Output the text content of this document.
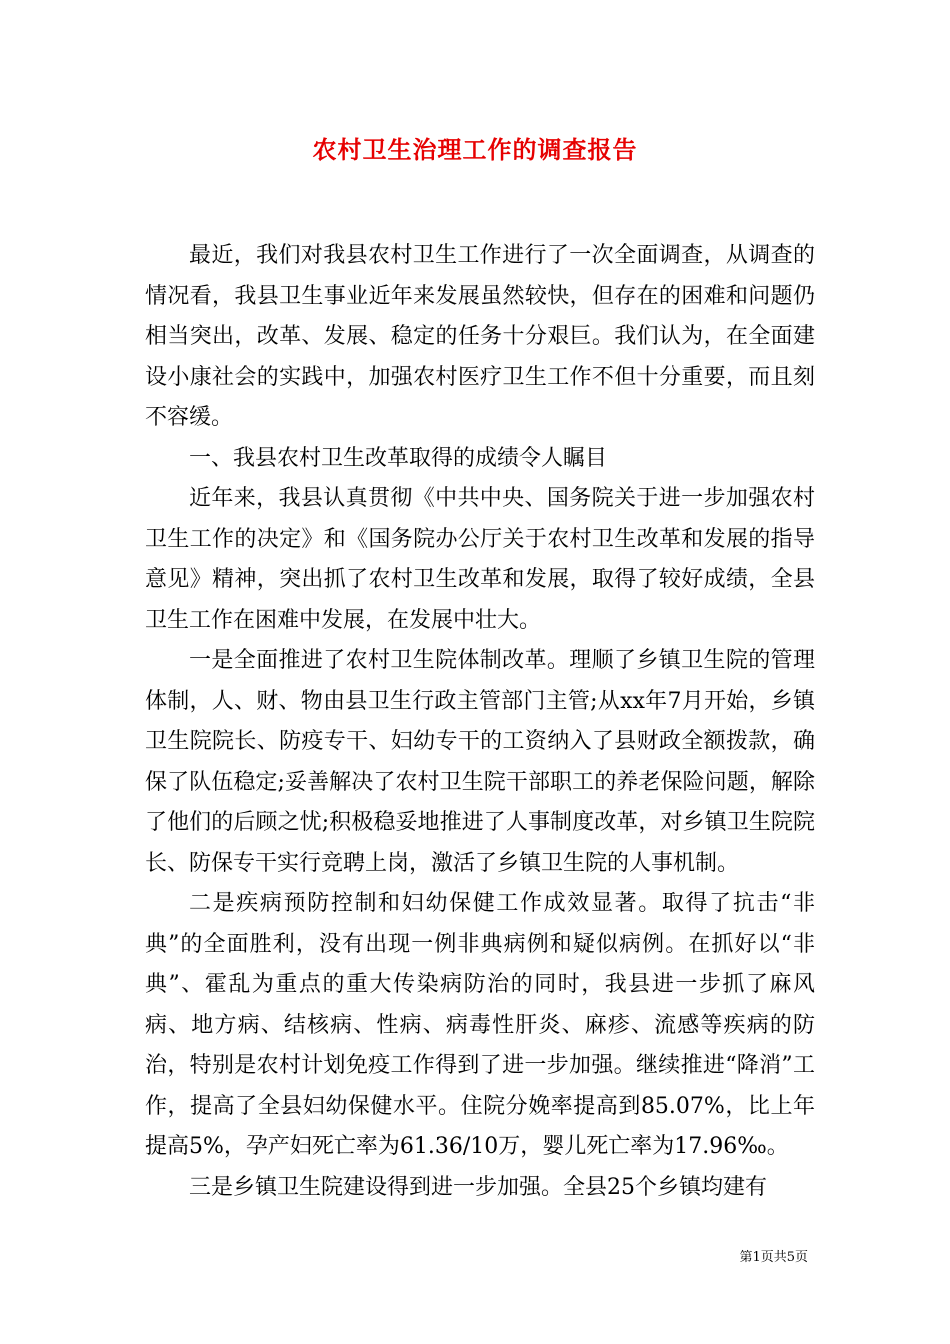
农村卫生治理工作的调查报告

最近，我们对我县农村卫生工作进行了一次全面调查，从调查的情况看，我县卫生事业近年来发展虽然较快，但存在的困难和问题仍相当突出，改革、发展、稳定的任务十分艰巨。我们认为，在全面建设小康社会的实践中，加强农村医疗卫生工作不但十分重要，而且刻不容缓。

一、我县农村卫生改革取得的成绩令人瞩目

近年来，我县认真贯彻《中共中央、国务院关于进一步加强农村卫生工作的决定》和《国务院办公厅关于农村卫生改革和发展的指导意见》精神，突出抓了农村卫生改革和发展，取得了较好成绩，全县卫生工作在困难中发展，在发展中壮大。

一是全面推进了农村卫生院体制改革。理顺了乡镇卫生院的管理体制，人、财、物由县卫生行政主管部门主管;从xx年7月开始，乡镇卫生院院长、防疫专干、妇幼专干的工资纳入了县财政全额拨款，确保了队伍稳定;妥善解决了农村卫生院干部职工的养老保险问题，解除了他们的后顾之忧;积极稳妥地推进了人事制度改革，对乡镇卫生院院长、防保专干实行竞聘上岗，激活了乡镇卫生院的人事机制。

二是疾病预防控制和妇幼保健工作成效显著。取得了抗击“非典”的全面胜利，没有出现一例非典病例和疑似病例。在抓好以“非典”、霍乱为重点的重大传染病防治的同时，我县进一步抓了麻风病、地方病、结核病、性病、病毒性肝炎、麻疹、流感等疾病的防治，特别是农村计划免疫工作得到了进一步加强。继续推进“降消”工作，提高了全县妇幼保健水平。住院分娩率提高到85.07%，比上年提高5%，孕产妇死亡率为61.36/10万，婴儿死亡率为17.96‰。

三是乡镇卫生院建设得到进一步加强。全县25个乡镇均建有

第1页共5页
